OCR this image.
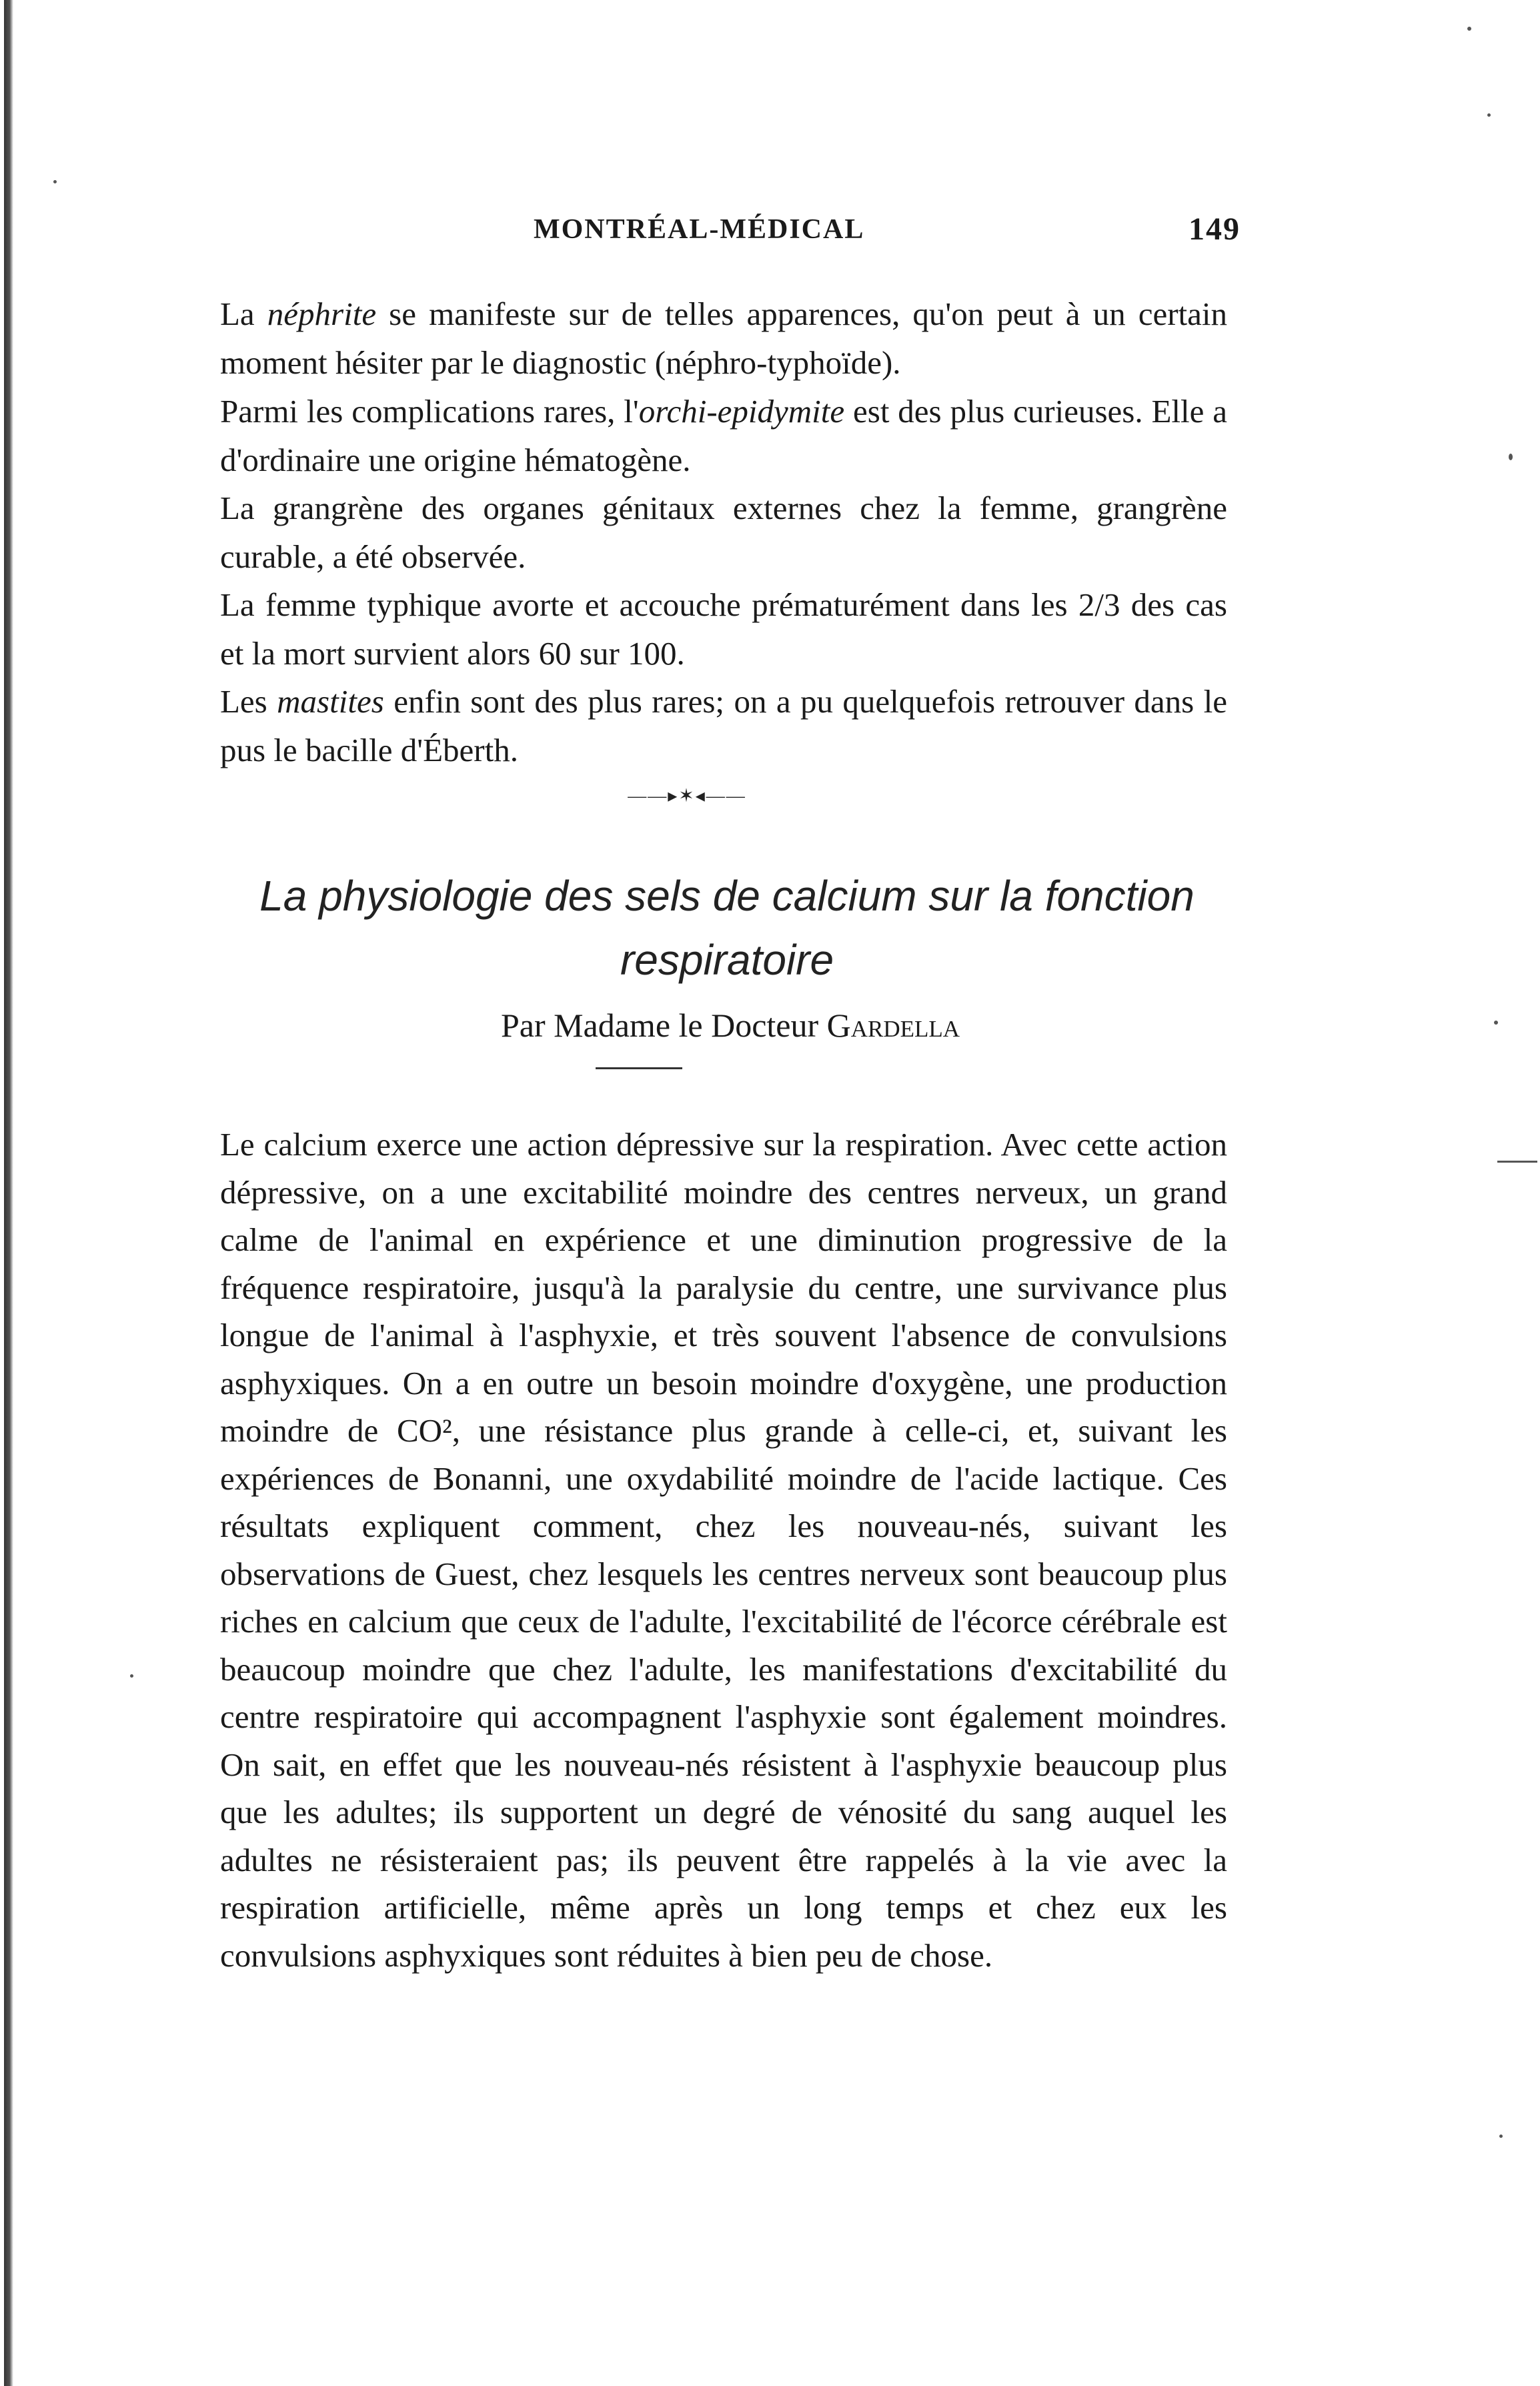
MONTRÉAL-MÉDICAL	149

La néphrite se manifeste sur de telles apparences, qu'on peut à un certain moment hésiter par le diagnostic (néphro-typhoïde).

Parmi les complications rares, l'orchi-epidymite est des plus curieuses. Elle a d'ordinaire une origine hématogène.

La grangrène des organes génitaux externes chez la femme, grangrène curable, a été observée.

La femme typhique avorte et accouche prématurément dans les 2/3 des cas et la mort survient alors 60 sur 100.

Les mastites enfin sont des plus rares; on a pu quelquefois retrouver dans le pus le bacille d'Éberth.

——▸✶◂——
La physiologie des sels de calcium sur la fonction respiratoire
Par Madame le Docteur Gardella

Le calcium exerce une action dépressive sur la respiration. Avec cette action dépressive, on a une excitabilité moindre des centres nerveux, un grand calme de l'animal en expérience et une diminution progressive de la fréquence respiratoire, jusqu'à la paralysie du centre, une survivance plus longue de l'animal à l'asphyxie, et très souvent l'absence de convulsions asphyxiques. On a en outre un besoin moindre d'oxygène, une production moindre de CO², une résistance plus grande à celle-ci, et, suivant les expériences de Bonanni, une oxydabilité moindre de l'acide lactique. Ces résultats expliquent comment, chez les nouveau-nés, suivant les observations de Guest, chez lesquels les centres nerveux sont beaucoup plus riches en calcium que ceux de l'adulte, l'excitabilité de l'écorce cérébrale est beaucoup moindre que chez l'adulte, les manifestations d'excitabilité du centre respiratoire qui accompagnent l'asphyxie sont également moindres. On sait, en effet que les nouveau-nés résistent à l'asphyxie beaucoup plus que les adultes; ils supportent un degré de vénosité du sang auquel les adultes ne résisteraient pas; ils peuvent être rappelés à la vie avec la respiration artificielle, même après un long temps et chez eux les convulsions asphyxiques sont réduites à bien peu de chose.
